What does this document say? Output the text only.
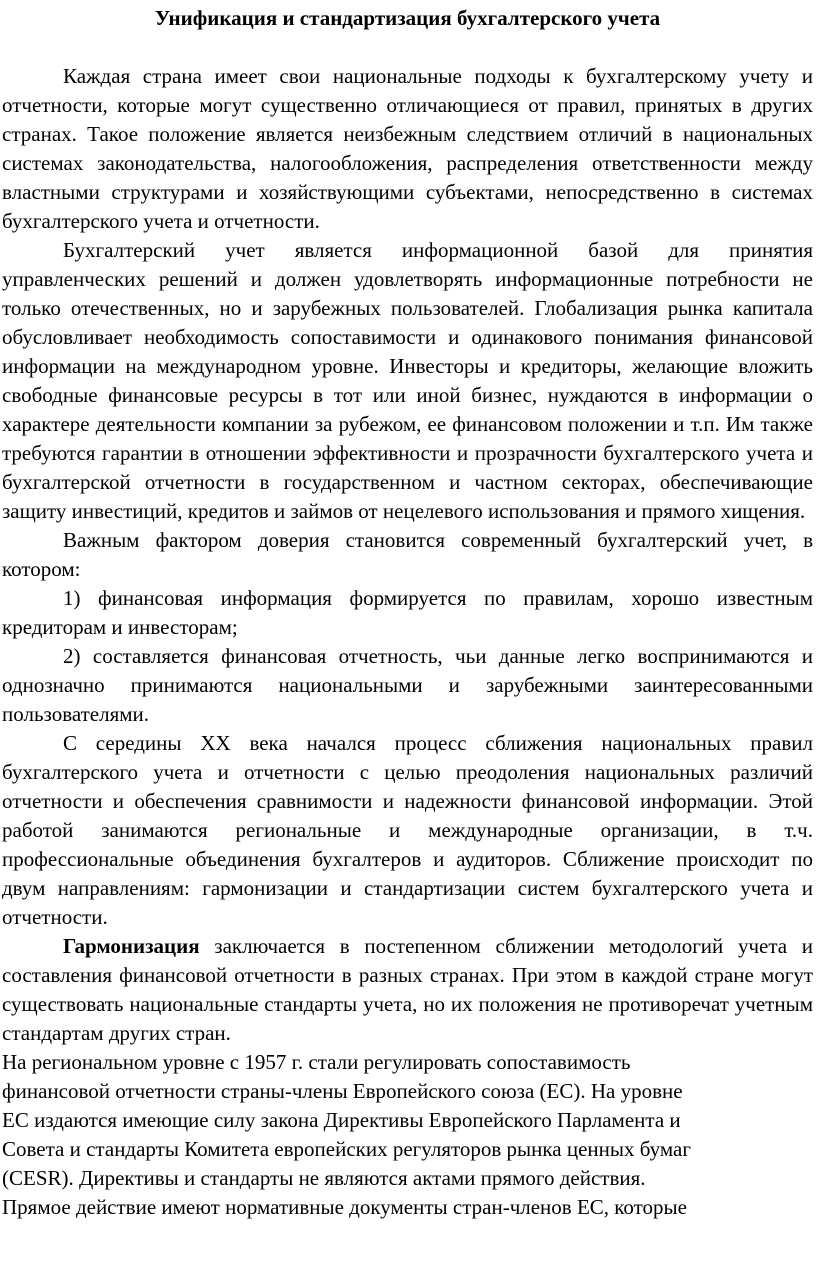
Унификация и стандартизация бухгалтерского учета

Каждая страна имеет свои национальные подходы к бухгалтерскому учету и отчетности, которые могут существенно отличающиеся от правил, принятых в других странах. Такое положение является неизбежным следствием отличий в национальных системах законодательства, налогообложения, распределения ответственности между властными структурами и хозяйствующими субъектами, непосредственно в системах бухгалтерского учета и отчетности.

Бухгалтерский учет является информационной базой для принятия управленческих решений и должен удовлетворять информационные потребности не только отечественных, но и зарубежных пользователей. Глобализация рынка капитала обусловливает необходимость сопоставимости и одинакового понимания финансовой информации на международном уровне. Инвесторы и кредиторы, желающие вложить свободные финансовые ресурсы в тот или иной бизнес, нуждаются в информации о характере деятельности компании за рубежом, ее финансовом положении и т.п. Им также требуются гарантии в отношении эффективности и прозрачности бухгалтерского учета и бухгалтерской отчетности в государственном и частном секторах, обеспечивающие защиту инвестиций, кредитов и займов от нецелевого использования и прямого хищения.

Важным фактором доверия становится современный бухгалтерский учет, в котором:

1) финансовая информация формируется по правилам, хорошо известным кредиторам и инвесторам;

2) составляется финансовая отчетность, чьи данные легко воспринимаются и однозначно принимаются национальными и зарубежными заинтересованными пользователями.

С середины XX века начался процесс сближения национальных правил бухгалтерского учета и отчетности с целью преодоления национальных различий отчетности и обеспечения сравнимости и надежности финансовой информации. Этой работой занимаются региональные и международные организации, в т.ч. профессиональные объединения бухгалтеров и аудиторов. Сближение происходит по двум направлениям: гармонизации и стандартизации систем бухгалтерского учета и отчетности.

Гармонизация заключается в постепенном сближении методологий учета и составления финансовой отчетности в разных странах. При этом в каждой стране могут существовать национальные стандарты учета, но их положения не противоречат учетным стандартам других стран.

На региональном уровне с 1957 г. стали регулировать сопоставимость
финансовой отчетности страны-члены Европейского союза (ЕС). На уровне
ЕС издаются имеющие силу закона Директивы Европейского Парламента и
Совета и стандарты Комитета европейских регуляторов рынка ценных бумаг
(CESR). Директивы и стандарты не являются актами прямого действия.
Прямое действие имеют нормативные документы стран-членов ЕС, которые
